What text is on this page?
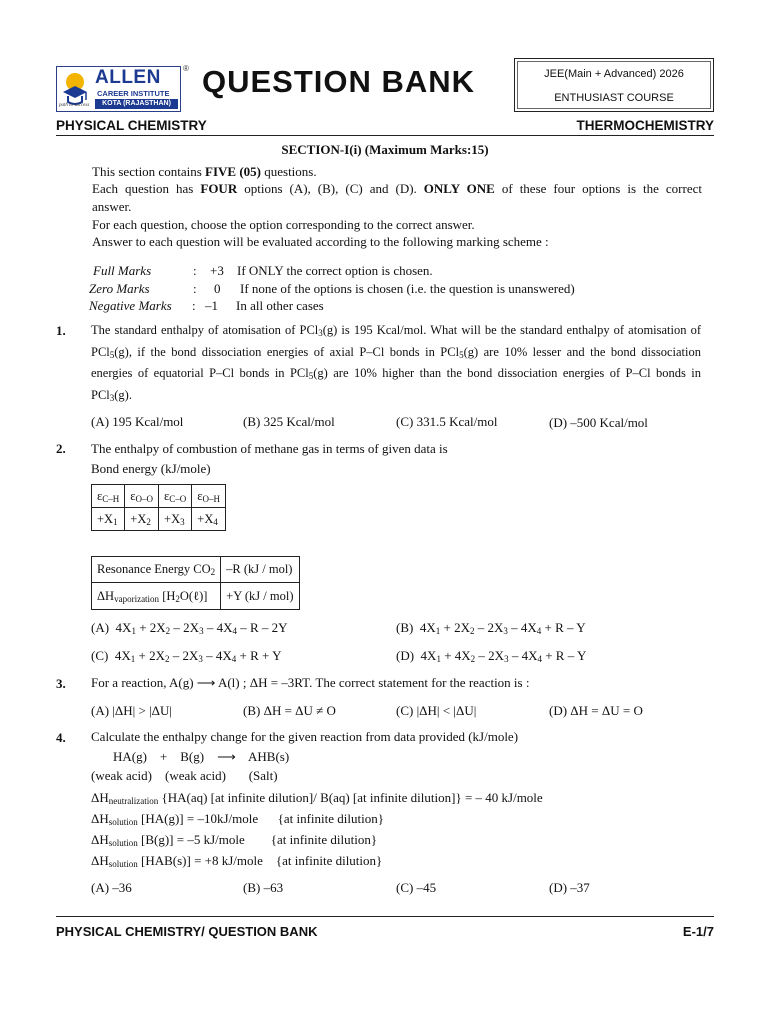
ALLEN
CAREER INSTITUTE
KOTA (RAJASTHAN)
path to success
® QUESTION BANK	JEE(Main + Advanced) 2026
ENTHUSIAST COURSE
PHYSICAL CHEMISTRY	THERMOCHEMISTRY
SECTION-I(i) (Maximum Marks:15)
This section contains FIVE (05) questions.
Each question has FOUR options (A), (B), (C) and (D). ONLY ONE of these four options is the correct
answer.
For each question, choose the option corresponding to the correct answer.
Answer to each question will be evaluated according to the following marking scheme :
Full Marks	: +3 If ONLY the correct option is chosen.
Zero Marks	: 0 If none of the options is chosen (i.e. the question is unanswered)
Negative Marks : –1 In all other cases
1. The standard enthalpy of atomisation of PCl$_3$(g) is 195 Kcal/mol. What will be the standard enthalpy of atomisation of PCl$_5$(g), if the bond dissociation energies of axial P–Cl bonds in PCl$_5$(g) are 10% lesser and the bond dissociation energies of equatorial P–Cl bonds in PCl$_5$(g) are 10% higher than the bond dissociation energies of P–Cl bonds in PCl$_3$(g).
(A) 195 Kcal/mol	(B) 325 Kcal/mol	(C) 331.5 Kcal/mol	(D) –500 Kcal/mol
2. The enthalpy of combustion of methane gas in terms of given data is
Bond energy (kJ/mole)
$\varepsilon_{C-H}$	$\varepsilon_{O-O}$	$\varepsilon_{C-O}$	$\varepsilon_{O-H}$
$+X_1$	$+X_2$	$+X_3$	$+X_4$
Resonance Energy $CO_2$	–R (kJ / mol)
$\Delta H_{vaporization}$ $[H_2O(\ell)]$	+Y (kJ / mol)
(A)  $4X_1 + 2X_2 - 2X_3 - 4X_4 - R - 2Y$	(B)  $4X_1 + 2X_2 - 2X_3 - 4X_4 + R - Y$
(C)  $4X_1 + 2X_2 - 2X_3 - 4X_4 + R + Y$	(D)  $4X_1 + 4X_2 - 2X_3 - 4X_4 + R - Y$
3. For a reaction, A(g) ⟶ A(l) ; ΔH = –3RT. The correct statement for the reaction is :
(A) |ΔH| > |ΔU|	(B) ΔH = ΔU ≠ O	(C) |ΔH| < |ΔU|	(D) ΔH = ΔU = O
4. Calculate the enthalpy change for the given reaction from data provided (kJ/mole)
HA(g)    +    B(g)    ⟶    AHB(s)
(weak acid)    (weak acid)       (Salt)
$\Delta H_{neutralization}$ {HA(aq) [at infinite dilution]/ B(aq) [at infinite dilution]} = – 40 kJ/mole
$\Delta H_{solution}$ [HA(g)] = –10kJ/mole      {at infinite dilution}
$\Delta H_{solution}$ [B(g)] = –5 kJ/mole        {at infinite dilution}
$\Delta H_{solution}$ [HAB(s)] = +8 kJ/mole    {at infinite dilution}
(A) –36	(B) –63	(C) –45	(D) –37
PHYSICAL CHEMISTRY/ QUESTION BANK	E-1/7
